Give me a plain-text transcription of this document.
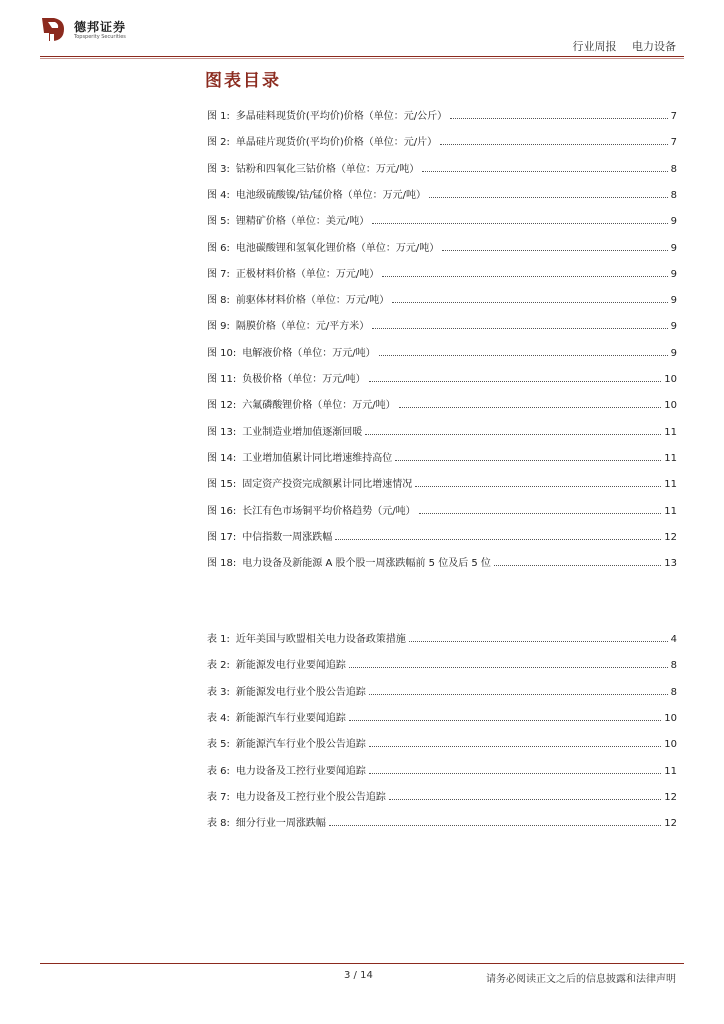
德邦证券
Topsperity Securities
行业周报 电力设备
图表目录
图 1: 多晶硅料现货价(平均价)价格（单位：元/公斤）	7
图 2: 单晶硅片现货价(平均价)价格（单位：元/片）	7
图 3: 钴粉和四氧化三钴价格（单位：万元/吨）	8
图 4: 电池级硫酸镍/钴/锰价格（单位：万元/吨）	8
图 5: 锂精矿价格（单位：美元/吨）	9
图 6: 电池碳酸锂和氢氧化锂价格（单位：万元/吨）	9
图 7: 正极材料价格（单位：万元/吨）	9
图 8: 前驱体材料价格（单位：万元/吨）	9
图 9: 隔膜价格（单位：元/平方米）	9
图 10: 电解液价格（单位：万元/吨）	9
图 11: 负极价格（单位：万元/吨）	10
图 12: 六氟磷酸锂价格（单位：万元/吨）	10
图 13: 工业制造业增加值逐渐回暖	11
图 14: 工业增加值累计同比增速维持高位	11
图 15: 固定资产投资完成额累计同比增速情况	11
图 16: 长江有色市场铜平均价格趋势（元/吨）	11
图 17: 中信指数一周涨跌幅	12
图 18: 电力设备及新能源 A 股个股一周涨跌幅前 5 位及后 5 位	13
表 1: 近年美国与欧盟相关电力设备政策措施	4
表 2: 新能源发电行业要闻追踪	8
表 3: 新能源发电行业个股公告追踪	8
表 4: 新能源汽车行业要闻追踪	10
表 5: 新能源汽车行业个股公告追踪	10
表 6: 电力设备及工控行业要闻追踪	11
表 7: 电力设备及工控行业个股公告追踪	12
表 8: 细分行业一周涨跌幅	12
3 / 14	请务必阅读正文之后的信息披露和法律声明
